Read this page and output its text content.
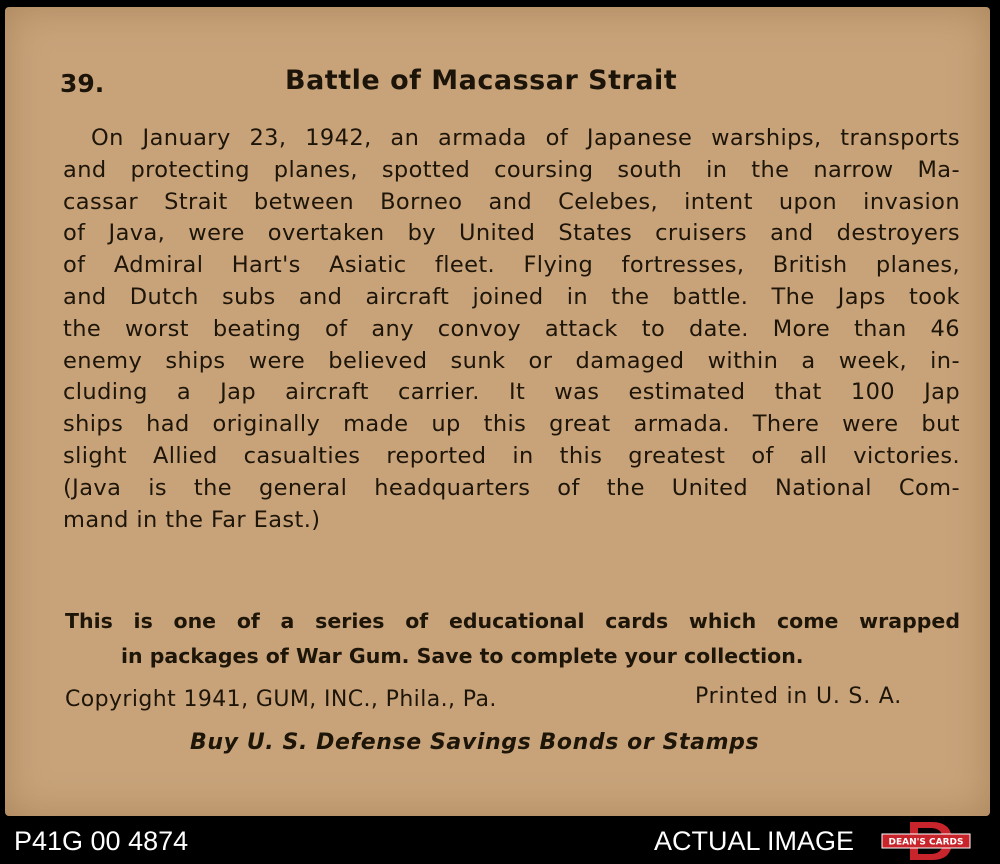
39.	Battle of Macassar Strait
On January 23, 1942, an armada of Japanese warships, transports
and protecting planes, spotted coursing south in the narrow Ma-
cassar Strait between Borneo and Celebes, intent upon invasion
of Java, were overtaken by United States cruisers and destroyers
of Admiral Hart's Asiatic fleet. Flying fortresses, British planes,
and Dutch subs and aircraft joined in the battle. The Japs took
the worst beating of any convoy attack to date. More than 46
enemy ships were believed sunk or damaged within a week, in-
cluding a Jap aircraft carrier. It was estimated that 100 Jap
ships had originally made up this great armada. There were but
slight Allied casualties reported in this greatest of all victories.
(Java is the general headquarters of the United National Com-
mand in the Far East.)
This is one of a series of educational cards which come wrapped
in packages of War Gum. Save to complete your collection.
Copyright 1941, GUM, INC., Phila., Pa.	Printed in U. S. A.
Buy U. S. Defense Savings Bonds or Stamps
P41G 00 4874	ACTUAL IMAGE	DEAN'S CARDS
